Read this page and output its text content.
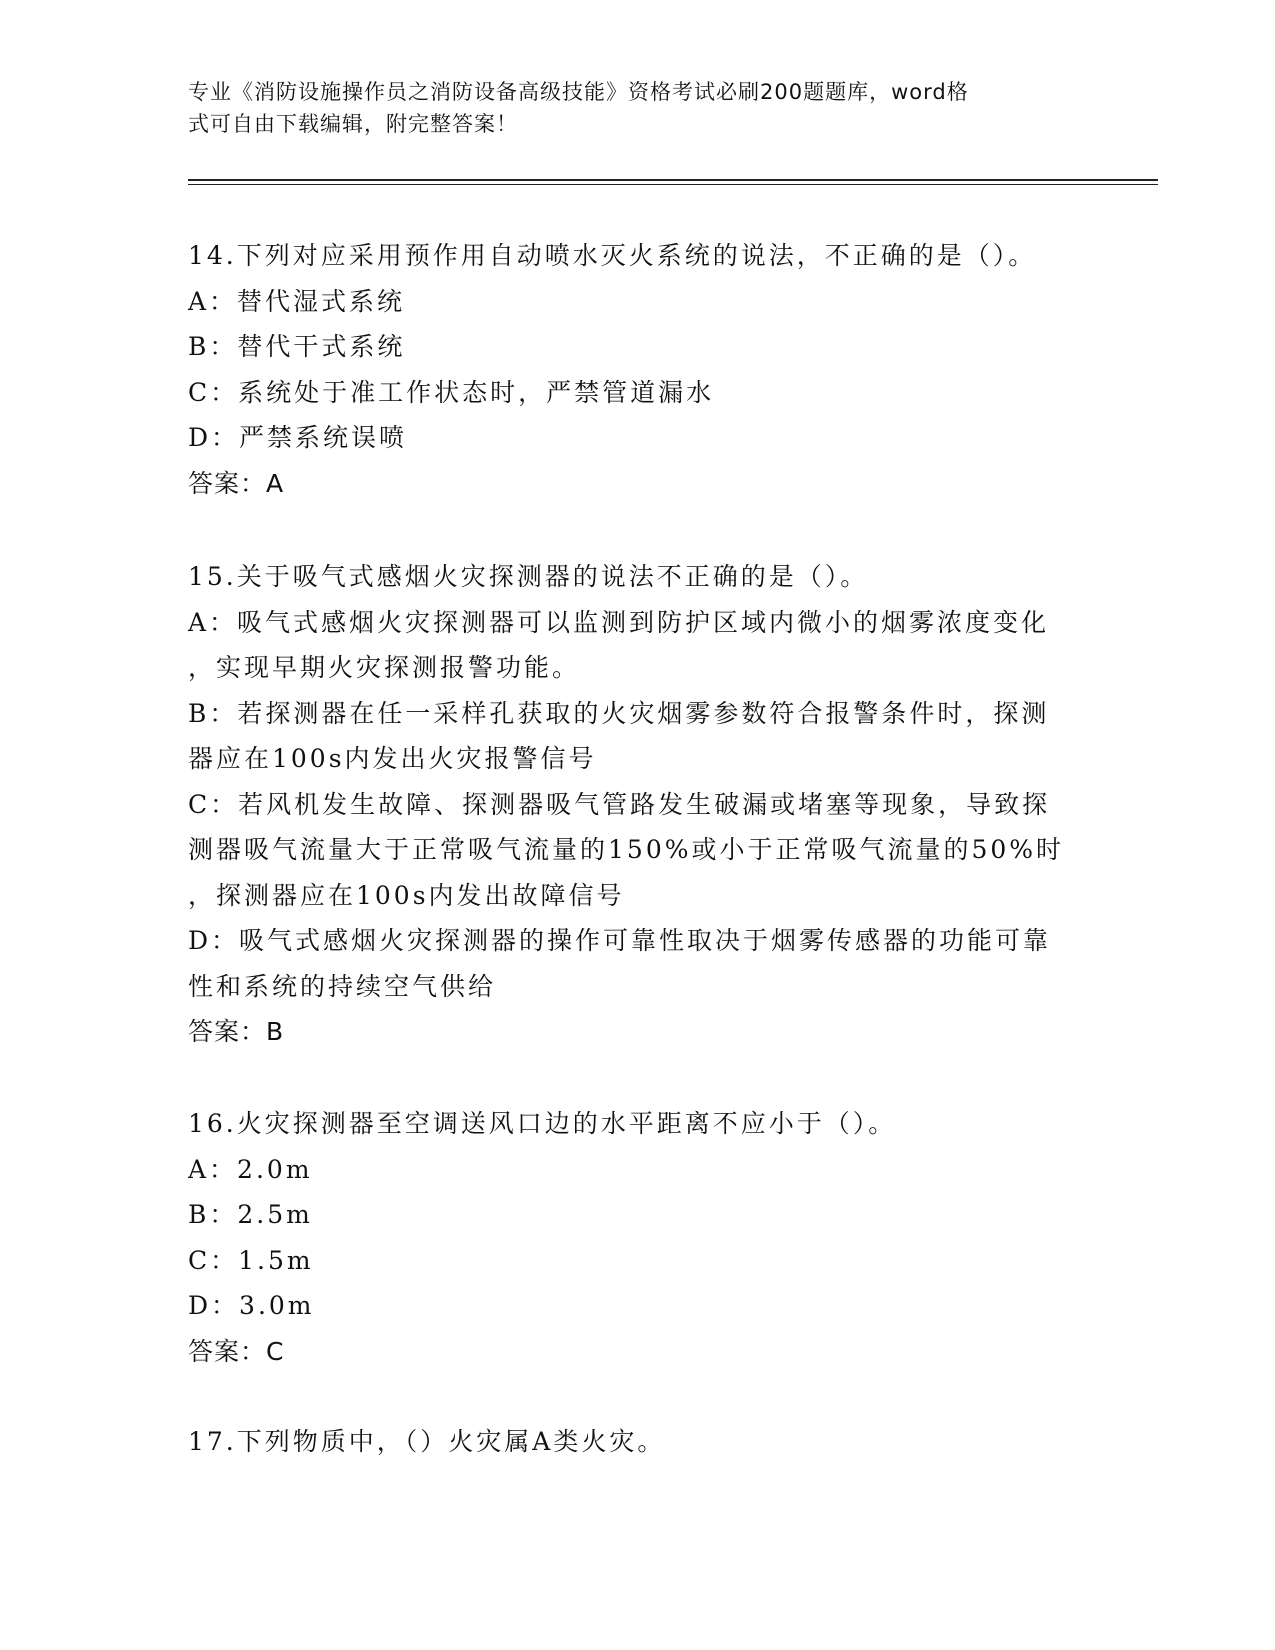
专业《消防设施操作员之消防设备高级技能》资格考试必刷200题题库，word格
式可自由下载编辑，附完整答案！
14.下列对应采用预作用自动喷水灭火系统的说法，不正确的是（）。
A：替代湿式系统
B：替代干式系统
C：系统处于准工作状态时，严禁管道漏水
D：严禁系统误喷
答案：A
15.关于吸气式感烟火灾探测器的说法不正确的是（）。
A：吸气式感烟火灾探测器可以监测到防护区域内微小的烟雾浓度变化
，实现早期火灾探测报警功能。
B：若探测器在任一采样孔获取的火灾烟雾参数符合报警条件时，探测
器应在100s内发出火灾报警信号
C：若风机发生故障、探测器吸气管路发生破漏或堵塞等现象，导致探
测器吸气流量大于正常吸气流量的150%或小于正常吸气流量的50%时
，探测器应在100s内发出故障信号
D：吸气式感烟火灾探测器的操作可靠性取决于烟雾传感器的功能可靠
性和系统的持续空气供给
答案：B
16.火灾探测器至空调送风口边的水平距离不应小于（）。
A：2.0m
B：2.5m
C：1.5m
D：3.0m
答案：C
17.下列物质中，（）火灾属A类火灾。
